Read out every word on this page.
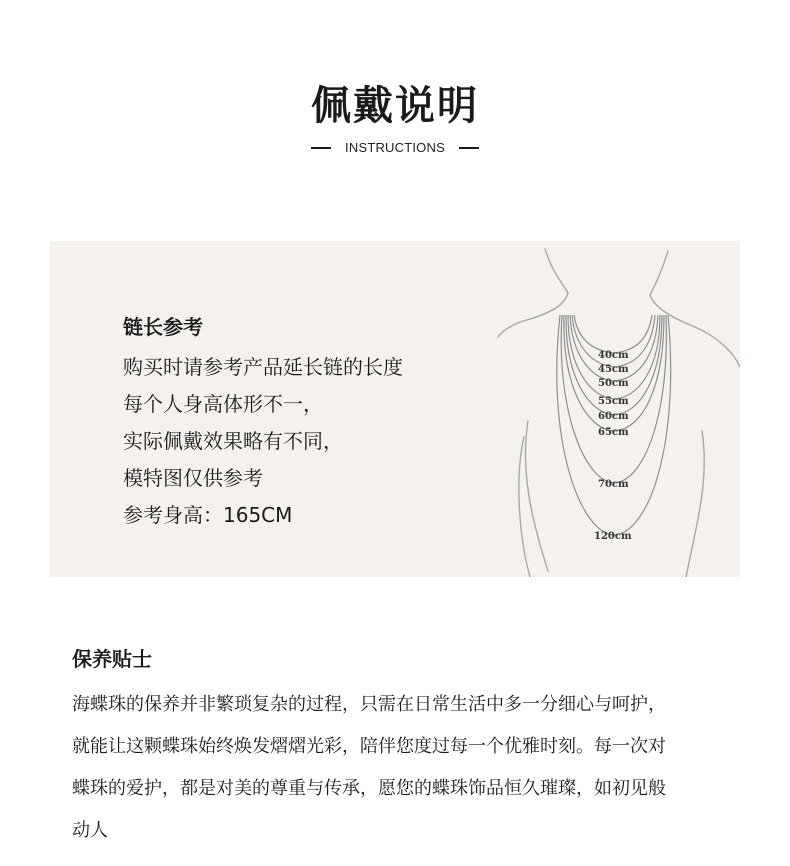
佩戴说明
INSTRUCTIONS
链长参考
购买时请参考产品延长链的长度
每个人身高体形不一，
实际佩戴效果略有不同，
模特图仅供参考
参考身高：165CM
40cm
45cm
50cm
55cm
60cm
65cm
70cm
120cm
保养贴士
海蝶珠的保养并非繁琐复杂的过程，只需在日常生活中多一分细心与呵护，
就能让这颗蝶珠始终焕发熠熠光彩，陪伴您度过每一个优雅时刻。每一次对
蝶珠的爱护，都是对美的尊重与传承，愿您的蝶珠饰品恒久璀璨，如初见般
动人
